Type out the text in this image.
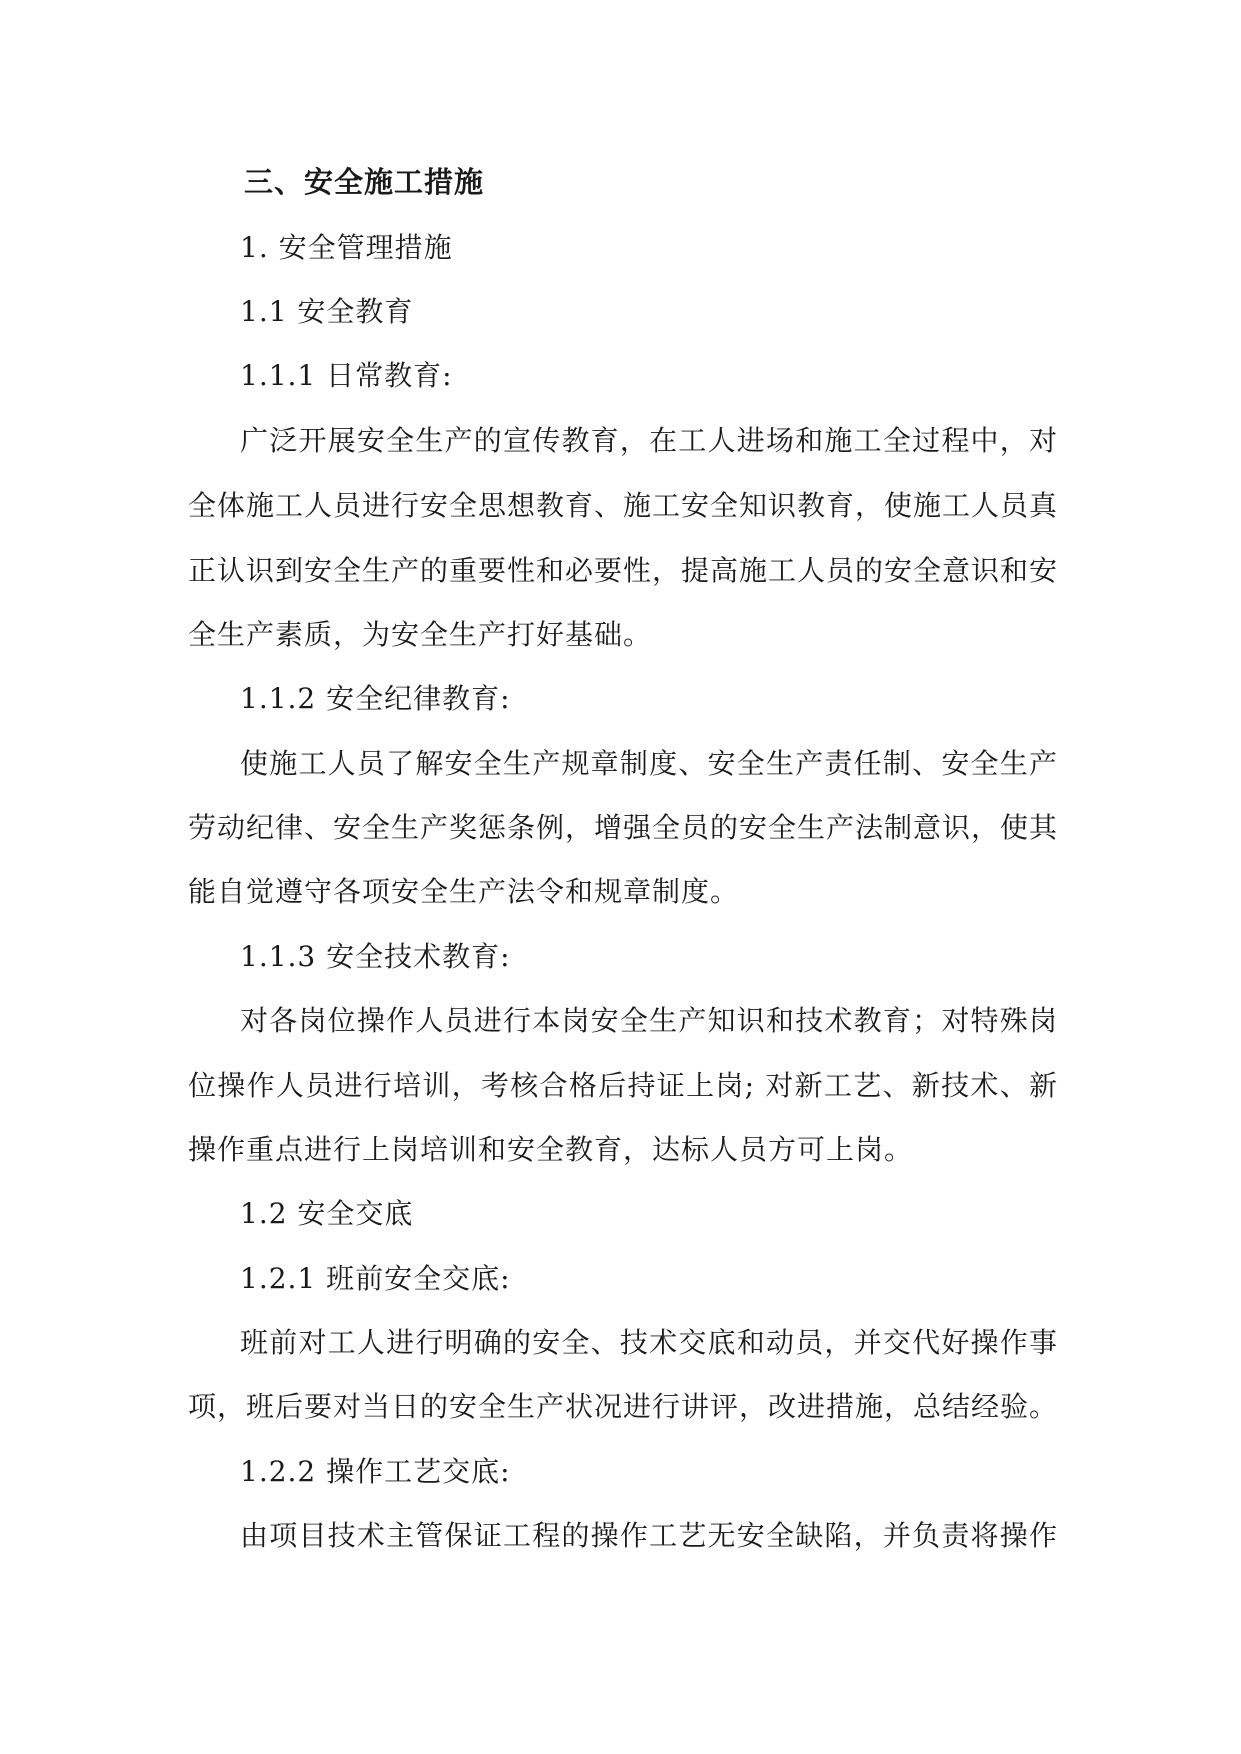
三、安全施工措施
1. 安全管理措施
1.1 安全教育
1.1.1 日常教育:
广泛开展安全生产的宣传教育，在工人进场和施工全过程中，对
全体施工人员进行安全思想教育、施工安全知识教育，使施工人员真
正认识到安全生产的重要性和必要性，提高施工人员的安全意识和安
全生产素质，为安全生产打好基础。
1.1.2 安全纪律教育:
使施工人员了解安全生产规章制度、安全生产责任制、安全生产
劳动纪律、安全生产奖惩条例，增强全员的安全生产法制意识，使其
能自觉遵守各项安全生产法令和规章制度。
1.1.3 安全技术教育:
对各岗位操作人员进行本岗安全生产知识和技术教育；对特殊岗
位操作人员进行培训，考核合格后持证上岗; 对新工艺、新技术、新
操作重点进行上岗培训和安全教育，达标人员方可上岗。
1.2 安全交底
1.2.1 班前安全交底:
班前对工人进行明确的安全、技术交底和动员，并交代好操作事
项，班后要对当日的安全生产状况进行讲评，改进措施，总结经验。
1.2.2 操作工艺交底:
由项目技术主管保证工程的操作工艺无安全缺陷，并负责将操作
